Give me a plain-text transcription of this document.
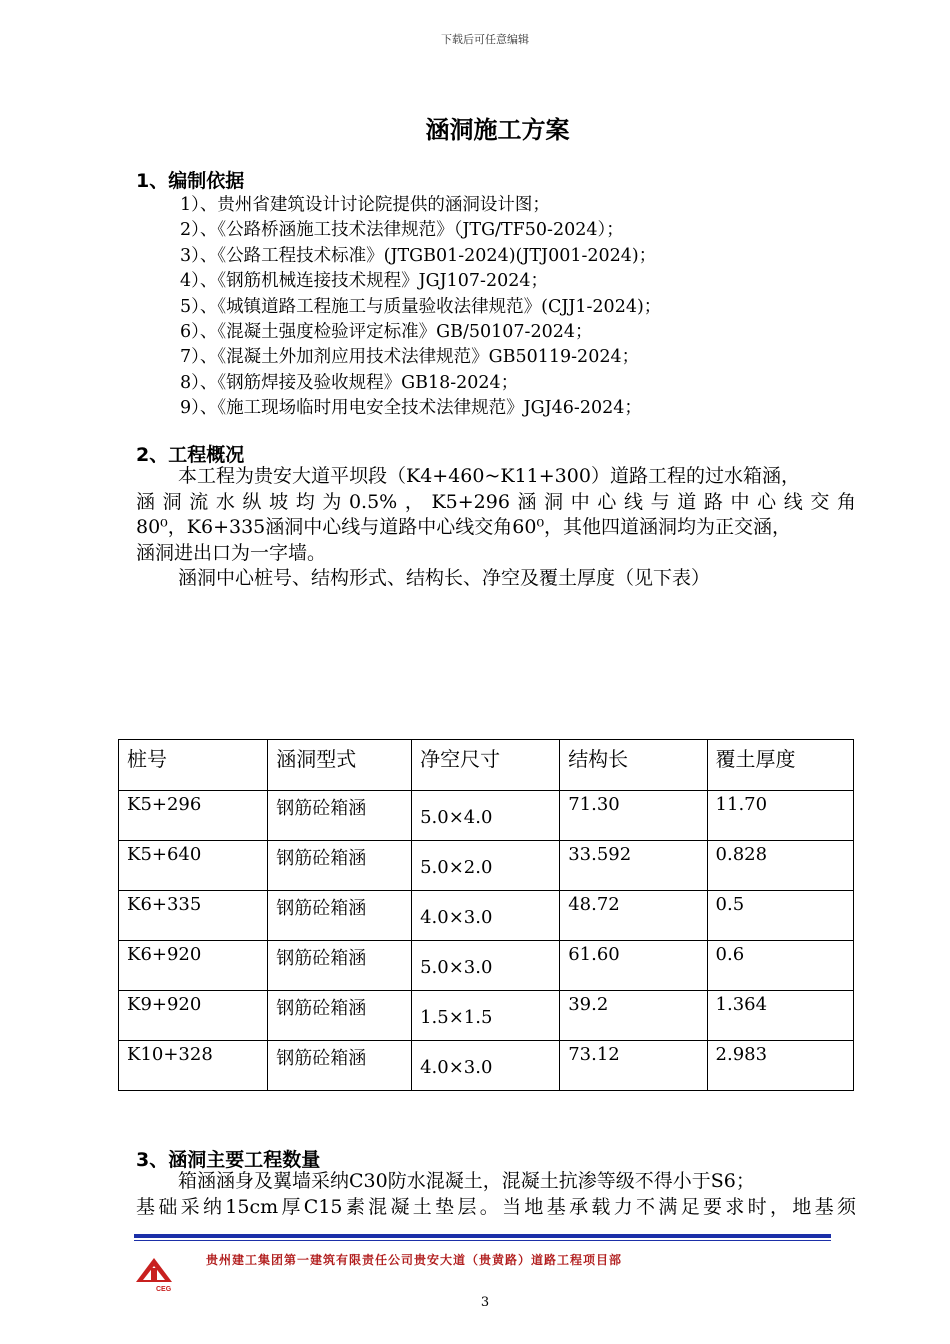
下载后可任意编辑
涵洞施工方案
1、编制依据
1）、贵州省建筑设计讨论院提供的涵洞设计图；
2）、《公路桥涵施工技术法律规范》（JTG/TF50-2024）；
3）、《公路工程技术标准》(JTGB01-2024)(JTJ001-2024)；
4）、《钢筋机械连接技术规程》JGJ107-2024；
5）、《城镇道路工程施工与质量验收法律规范》(CJJ1-2024)；
6）、《混凝土强度检验评定标准》GB/50107-2024；
7）、《混凝土外加剂应用技术法律规范》GB50119-2024；
8）、《钢筋焊接及验收规程》GB18-2024；
9）、《施工现场临时用电安全技术法律规范》JGJ46-2024；
2、工程概况
本工程为贵安大道平坝段（K4+460~K11+300）道路工程的过水箱涵，
涵洞流水纵坡均为0.5%，K5+296涵洞中心线与道路中心线交角
80⁰，K6+335涵洞中心线与道路中心线交角60⁰，其他四道涵洞均为正交涵，
涵洞进出口为一字墙。
涵洞中心桩号、结构形式、结构长、净空及覆土厚度（见下表）
桩号	涵洞型式	净空尺寸	结构长	覆土厚度

K5+296	钢筋砼箱涵	5.0×4.0	71.30	11.70

K5+640	钢筋砼箱涵	5.0×2.0	33.592	0.828

K6+335	钢筋砼箱涵	4.0×3.0	48.72	0.5

K6+920	钢筋砼箱涵	5.0×3.0	61.60	0.6

K9+920	钢筋砼箱涵	1.5×1.5	39.2	1.364

K10+328	钢筋砼箱涵	4.0×3.0	73.12	2.983
3、涵洞主要工程数量
箱涵涵身及翼墙采纳C30防水混凝土，混凝土抗渗等级不得小于S6；
基础采纳15cm厚C15素混凝土垫层。当地基承载力不满足要求时，地基须
CEG
贵州建工集团第一建筑有限责任公司贵安大道（贵黄路）道路工程项目部
3
